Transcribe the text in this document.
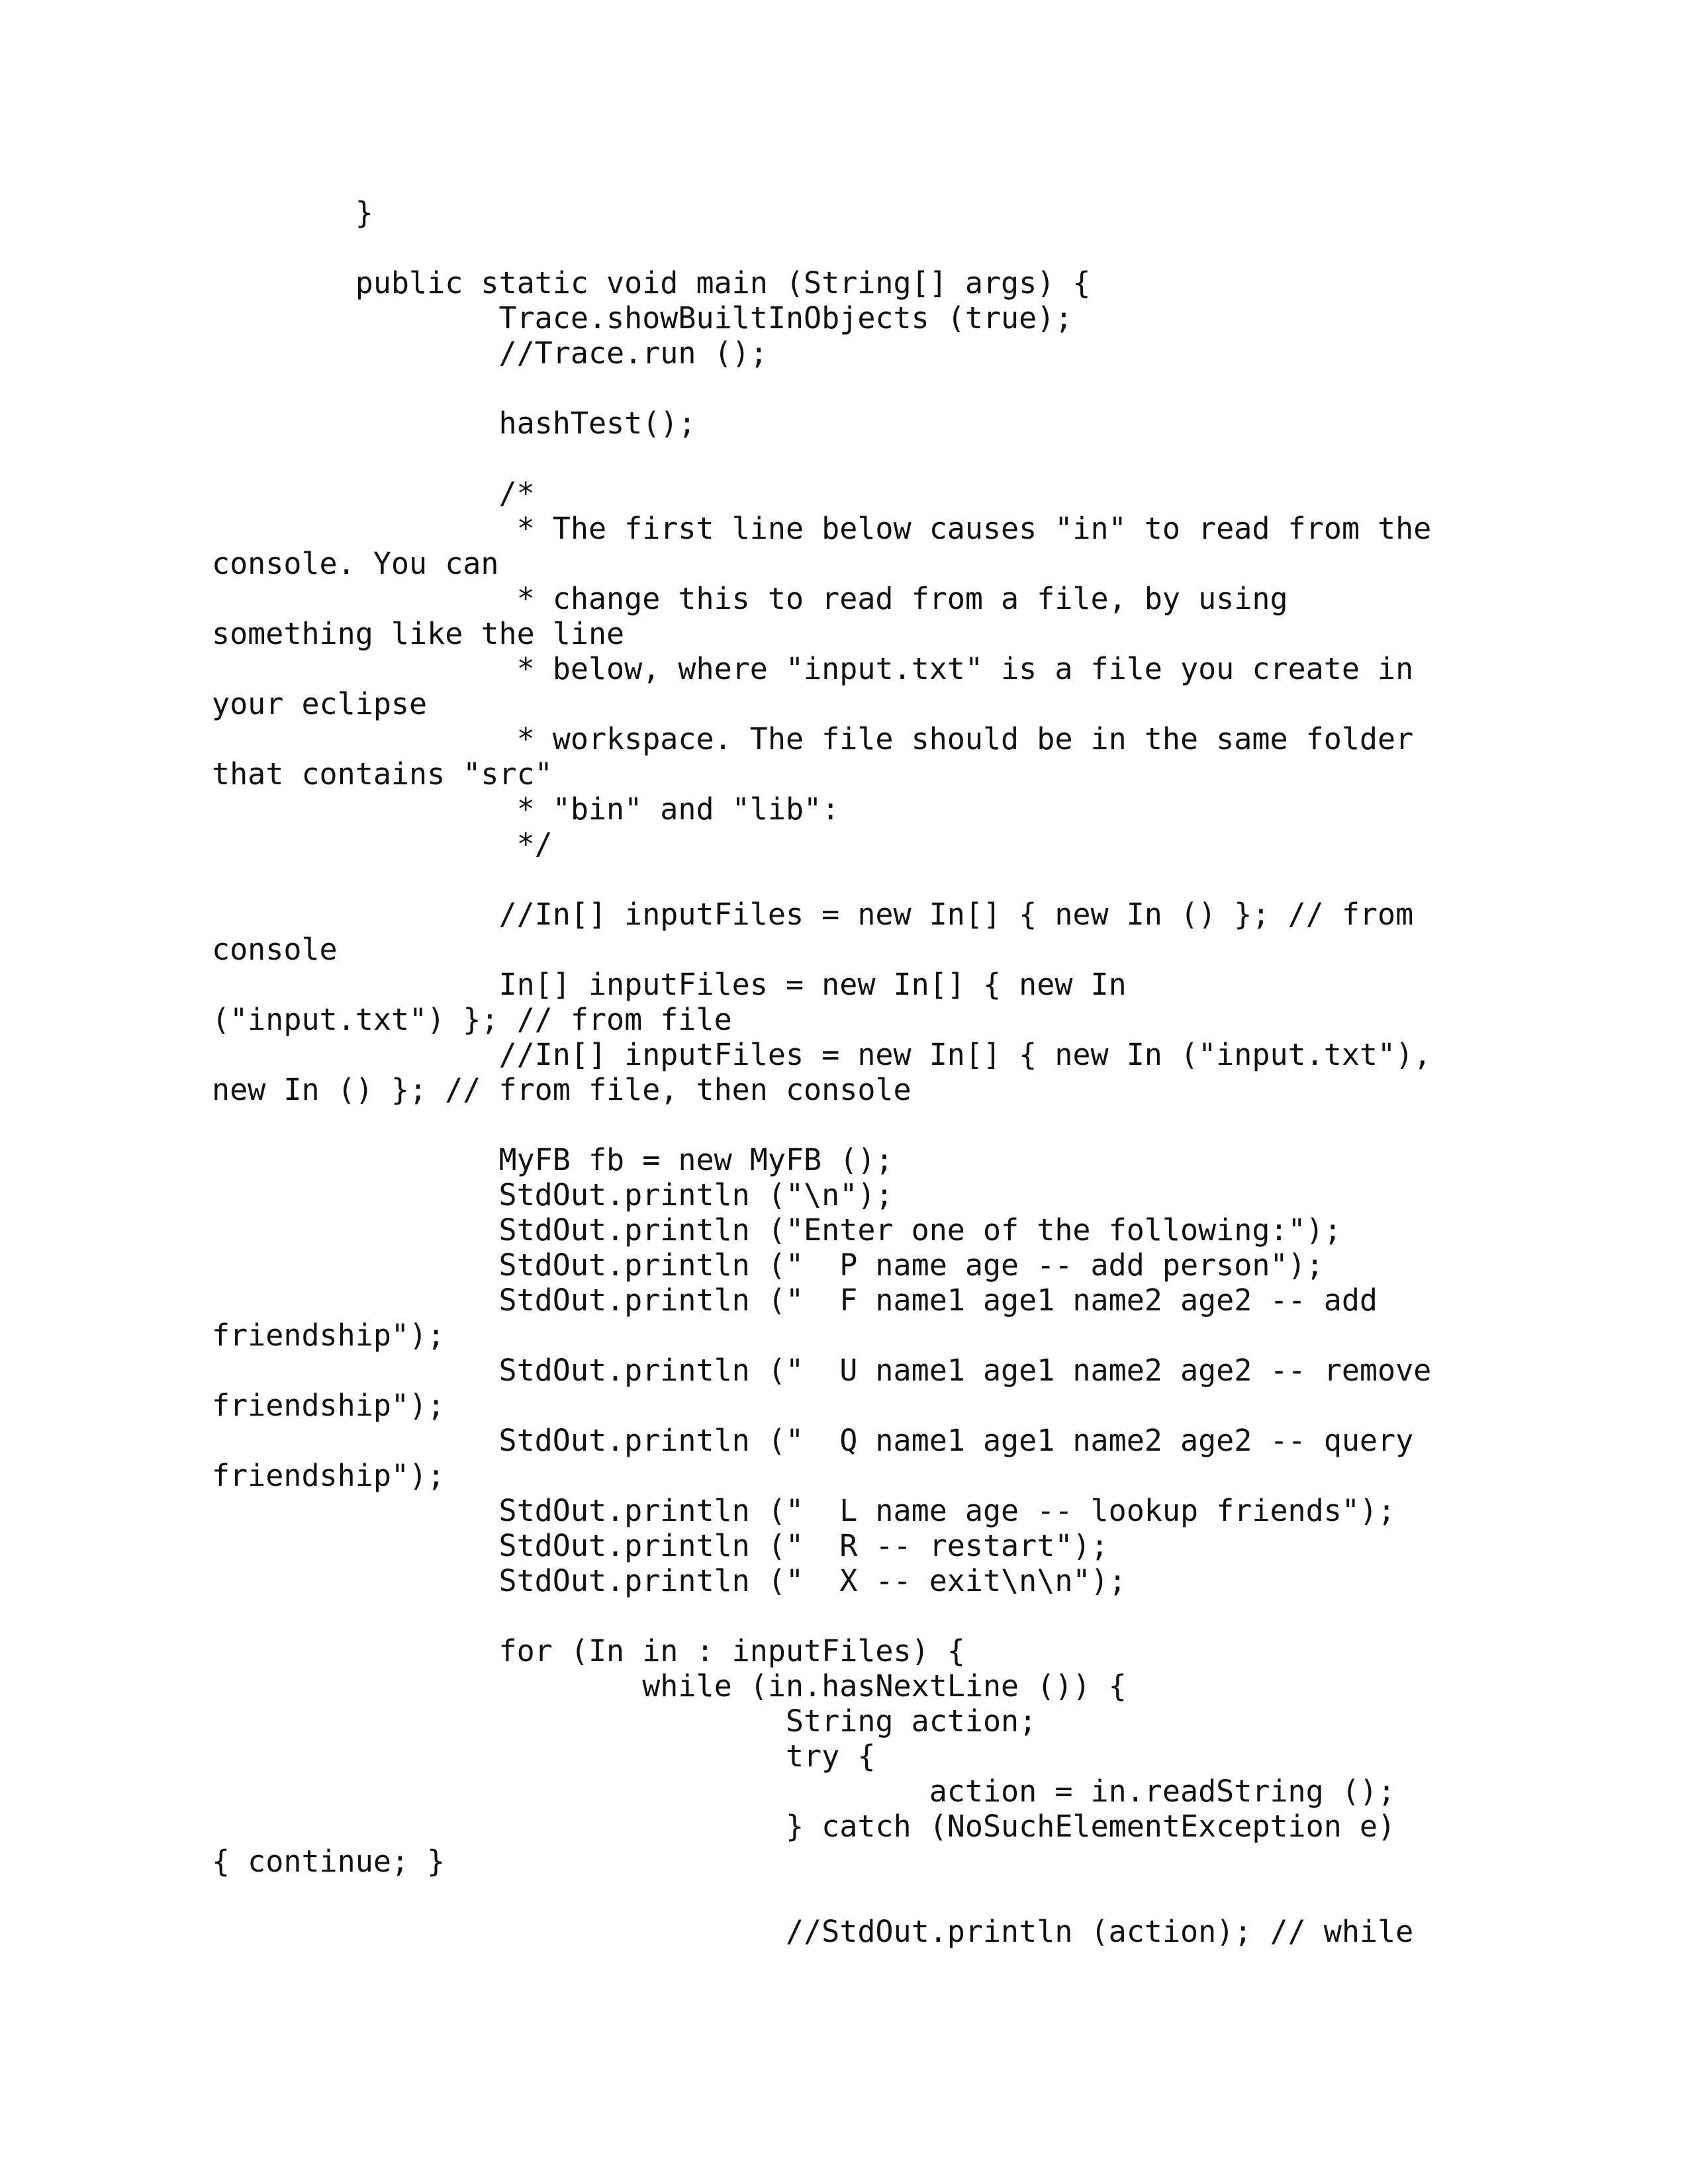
}
public static void main (String[] args) {
Trace.showBuiltInObjects (true);
//Trace.run ();
hashTest();
/*
* The first line below causes "in" to read from the
console. You can
* change this to read from a file, by using
something like the line
* below, where "input.txt" is a file you create in
your eclipse
* workspace. The file should be in the same folder
that contains "src"
* "bin" and "lib":
*/
//In[] inputFiles = new In[] { new In () }; // from
console
In[] inputFiles = new In[] { new In
("input.txt") }; // from file
//In[] inputFiles = new In[] { new In ("input.txt"),
new In () }; // from file, then console
MyFB fb = new MyFB ();
StdOut.println ("\n");
StdOut.println ("Enter one of the following:");
StdOut.println ("  P name age -- add person");
StdOut.println ("  F name1 age1 name2 age2 -- add
friendship");
StdOut.println ("  U name1 age1 name2 age2 -- remove
friendship");
StdOut.println ("  Q name1 age1 name2 age2 -- query
friendship");
StdOut.println ("  L name age -- lookup friends");
StdOut.println ("  R -- restart");
StdOut.println ("  X -- exit\n\n");
for (In in : inputFiles) {
while (in.hasNextLine ()) {
String action;
try {
action = in.readString ();
} catch (NoSuchElementException e)
{ continue; }
//StdOut.println (action); // while
